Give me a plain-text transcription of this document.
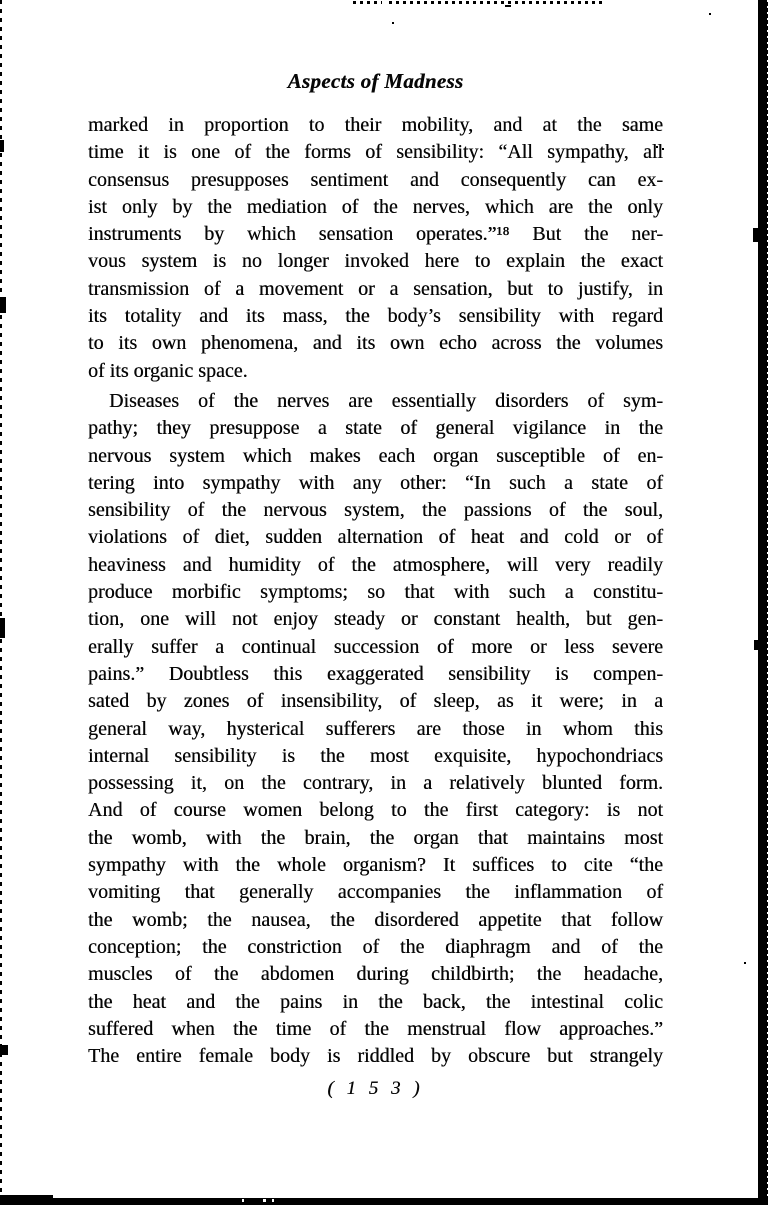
Aspects of Madness
marked in proportion to their mobility, and at the same
time it is one of the forms of sensibility: “All sympathy, all
consensus presupposes sentiment and consequently can ex-
ist only by the mediation of the nerves, which are the only
instruments by which sensation operates.”¹⁸ But the ner-
vous system is no longer invoked here to explain the exact
transmission of a movement or a sensation, but to justify, in
its totality and its mass, the body’s sensibility with regard
to its own phenomena, and its own echo across the volumes
of its organic space.
Diseases of the nerves are essentially disorders of sym-
pathy; they presuppose a state of general vigilance in the
nervous system which makes each organ susceptible of en-
tering into sympathy with any other: “In such a state of
sensibility of the nervous system, the passions of the soul,
violations of diet, sudden alternation of heat and cold or of
heaviness and humidity of the atmosphere, will very readily
produce morbific symptoms; so that with such a constitu-
tion, one will not enjoy steady or constant health, but gen-
erally suffer a continual succession of more or less severe
pains.” Doubtless this exaggerated sensibility is compen-
sated by zones of insensibility, of sleep, as it were; in a
general way, hysterical sufferers are those in whom this
internal sensibility is the most exquisite, hypochondriacs
possessing it, on the contrary, in a relatively blunted form.
And of course women belong to the first category: is not
the womb, with the brain, the organ that maintains most
sympathy with the whole organism? It suffices to cite “the
vomiting that generally accompanies the inflammation of
the womb; the nausea, the disordered appetite that follow
conception; the constriction of the diaphragm and of the
muscles of the abdomen during childbirth; the headache,
the heat and the pains in the back, the intestinal colic
suffered when the time of the menstrual flow approaches.”
The entire female body is riddled by obscure but strangely
( 1 5 3 )
